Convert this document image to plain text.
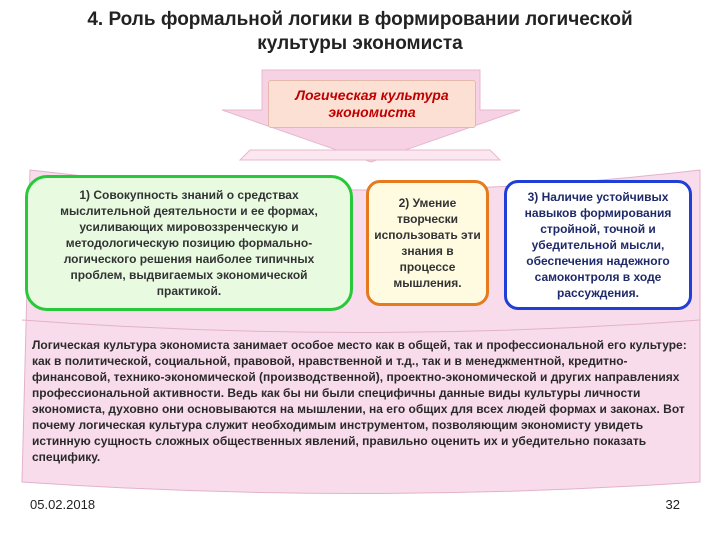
4. Роль формальной логики в формировании логической
культуры экономиста
Логическая культура
экономиста
1) Совокупность знаний о средствах мыслительной деятельности и ее формах, усиливающих мировоззренческую и методологическую позицию формально-логического решения наиболее типичных проблем, выдвигаемых экономической практикой.
2) Умение творчески использовать эти знания в процессе мышления.
3) Наличие устойчивых навыков формирования стройной, точной и убедительной мысли, обеспечения надежного самоконтроля в ходе рассуждения.
Логическая культура экономиста занимает особое место как в общей, так и профессиональной его культуре: как в политической, социальной, правовой, нравственной и т.д., так и в менеджментной, кредитно-финансовой, технико-экономической (производственной), проектно-экономической и других направлениях профессиональной активности. Ведь как бы ни были специфичны данные виды культуры личности экономиста, духовно они основываются на мышлении, на его общих для всех людей формах и законах. Вот почему логическая культура служит необходимым инструментом, позволяющим экономисту увидеть истинную сущность сложных общественных явлений, правильно оценить их и убедительно показать специфику.
05.02.2018	32
